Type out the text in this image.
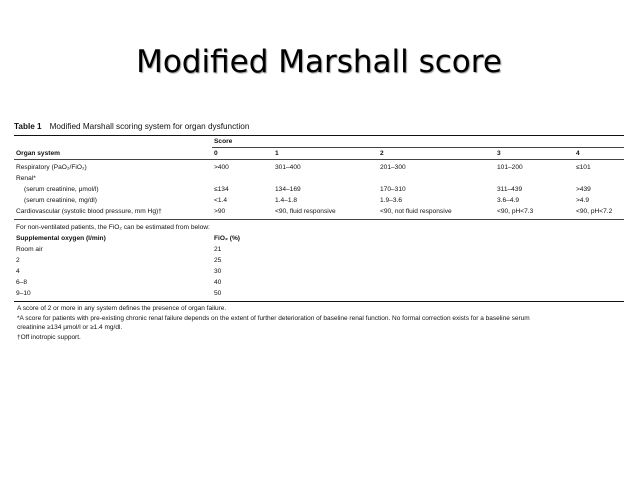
Modified Marshall score
Table 1 Modified Marshall scoring system for organ dysfunction
Score
Organ system	0	1	2	3	4
Respiratory (PaO₂/FiO₂)	>400	301–400	201–300	101–200	≤101
Renal*
(serum creatinine, μmol/l)	≤134	134–169	170–310	311–439	>439
(serum creatinine, mg/dl)	<1.4	1.4–1.8	1.9–3.6	3.6–4.9	>4.9
Cardiovascular (systolic blood pressure, mm Hg)†	>90	<90, fluid responsive	<90, not fluid responsive	<90, pH<7.3	<90, pH<7.2
For non-ventilated patients, the FiO₂ can be estimated from below:
Supplemental oxygen (l/min)	FiO₂ (%)
Room air	21
2	25
4	30
6–8	40
9–10	50
A score of 2 or more in any system defines the presence of organ failure.
*A score for patients with pre-existing chronic renal failure depends on the extent of further deterioration of baseline renal function. No formal correction exists for a baseline serum
creatinine ≥134 μmol/l or ≥1.4 mg/dl.
†Off inotropic support.
